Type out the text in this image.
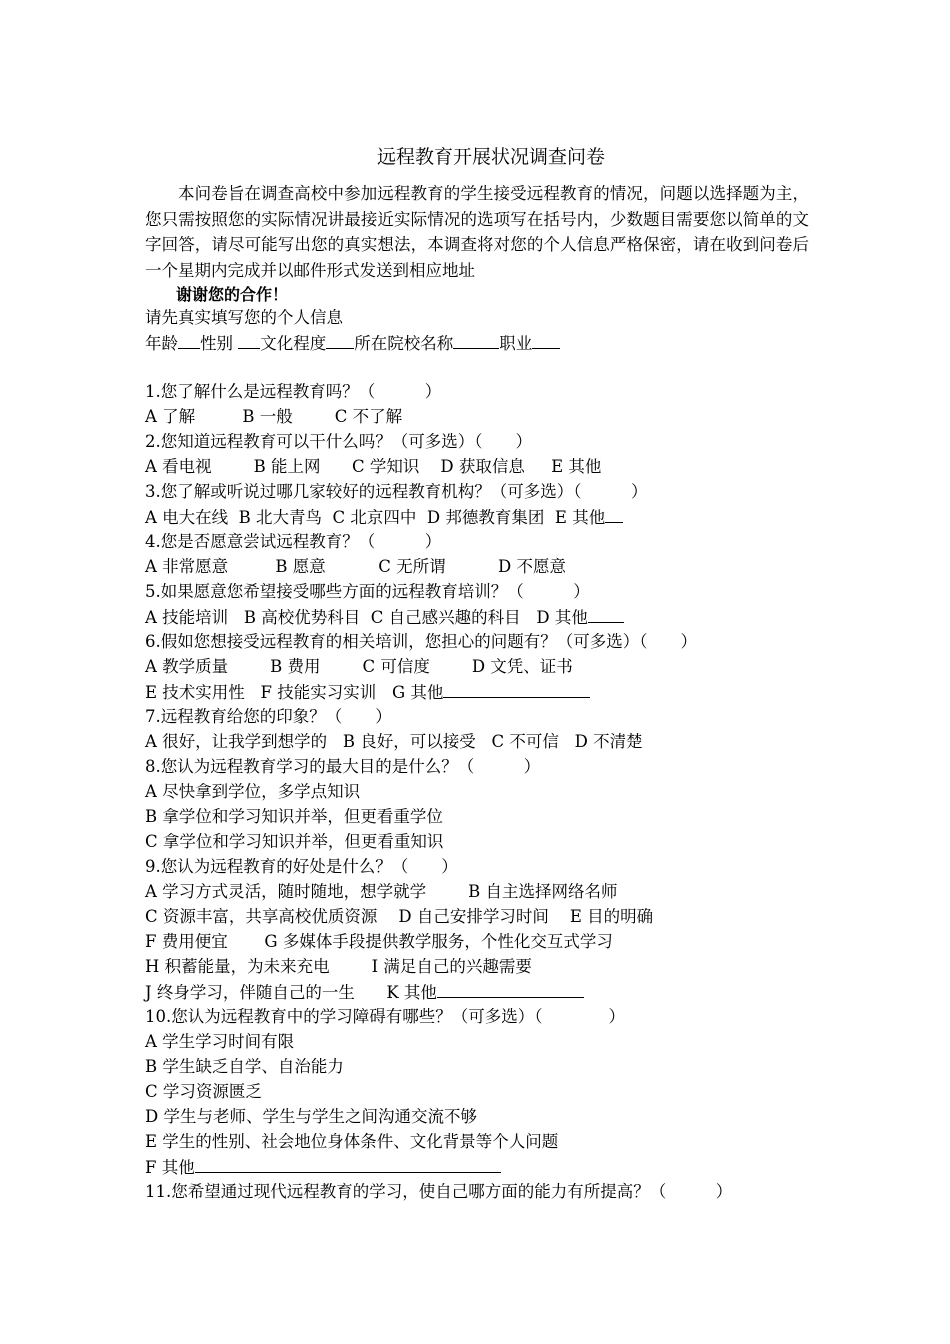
远程教育开展状况调查问卷

本问卷旨在调查高校中参加远程教育的学生接受远程教育的情况，问题以选择题为主，您只需按照您的实际情况讲最接近实际情况的选项写在括号内，少数题目需要您以简单的文字回答，请尽可能写出您的真实想法，本调查将对您的个人信息严格保密，请在收到问卷后一个星期内完成并以邮件形式发送到相应地址

谢谢您的合作！
请先真实填写您的个人信息
年龄 性别 文化程度 所在院校名称	职业
1.您了解什么是远程教育吗？（　　　）
A 了解	B 一般	C 不了解
2.您知道远程教育可以干什么吗？（可多选）（　　）
A 看电视	B 能上网 C 学知识 D 获取信息 E 其他
3.您了解或听说过哪几家较好的远程教育机构？（可多选）（　　　）
A 电大在线 B 北大青鸟 C 北京四中 D 邦德教育集团 E 其他
4.您是否愿意尝试远程教育？（　　　）
A 非常愿意	B 愿意	C 无所谓	D 不愿意
5.如果愿意您希望接受哪些方面的远程教育培训？（　　　）
A 技能培训 B 高校优势科目 C 自己感兴趣的科目 D 其他
6.假如您想接受远程教育的相关培训，您担心的问题有？（可多选）（　　）
A 教学质量	B 费用	C 可信度	D 文凭、证书
E 技术实用性 F 技能实习实训 G 其他
7.远程教育给您的印象？（　　）
A 很好，让我学到想学的 B 良好，可以接受 C 不可信 D 不清楚
8.您认为远程教育学习的最大目的是什么？（　　　）
A 尽快拿到学位，多学点知识
B 拿学位和学习知识并举，但更看重学位
C 拿学位和学习知识并举，但更看重知识
9.您认为远程教育的好处是什么？（　　）
A 学习方式灵活，随时随地，想学就学	B 自主选择网络名师
C 资源丰富，共享高校优质资源 D 自己安排学习时间 E 目的明确
F 费用便宜 G 多媒体手段提供教学服务，个性化交互式学习
H 积蓄能量，为未来充电	I 满足自己的兴趣需要
J 终身学习，伴随自己的一生 K 其他
10.您认为远程教育中的学习障碍有哪些？（可多选）（　　　　）
A 学生学习时间有限
B 学生缺乏自学、自治能力
C 学习资源匮乏
D 学生与老师、学生与学生之间沟通交流不够
E 学生的性别、社会地位身体条件、文化背景等个人问题
F 其他
11.您希望通过现代远程教育的学习，使自己哪方面的能力有所提高？（　　　）
